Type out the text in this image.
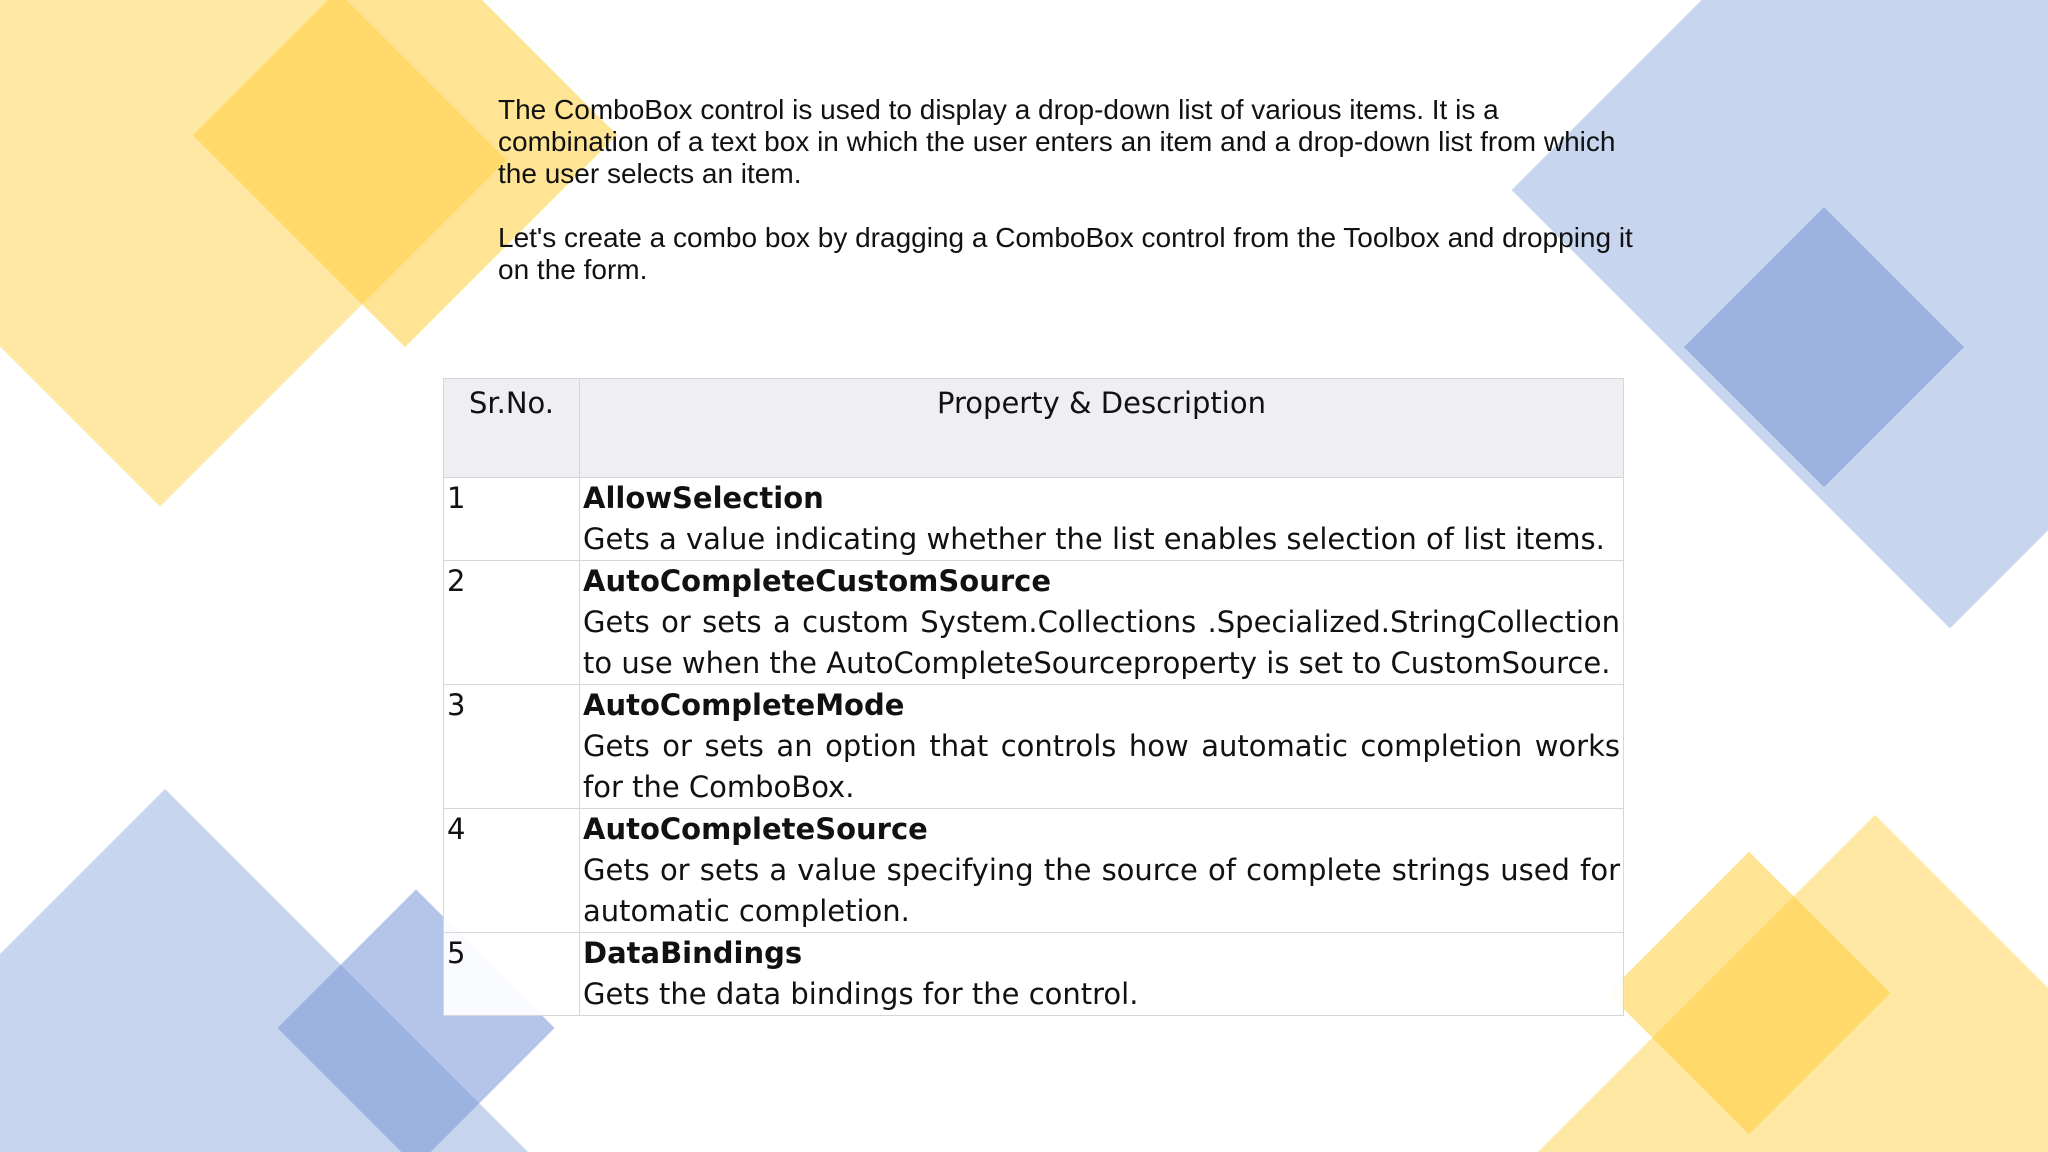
The ComboBox control is used to display a drop-down list of various items. It is a combination of a text box in which the user enters an item and a drop-down list from which the user selects an item.

Let's create a combo box by dragging a ComboBox control from the Toolbox and dropping it on the form.

Sr.No.	Property & Description
1	AllowSelection
Gets a value indicating whether the list enables selection of list items.

2	AutoCompleteCustomSource
Gets or sets a custom System.Collections .Specialized.StringCollection to use when the AutoCompleteSourceproperty is set to CustomSource.

3	AutoCompleteMode
Gets or sets an option that controls how automatic completion works for the ComboBox.

4	AutoCompleteSource
Gets or sets a value specifying the source of complete strings used for automatic completion.

5	DataBindings
Gets the data bindings for the control.
